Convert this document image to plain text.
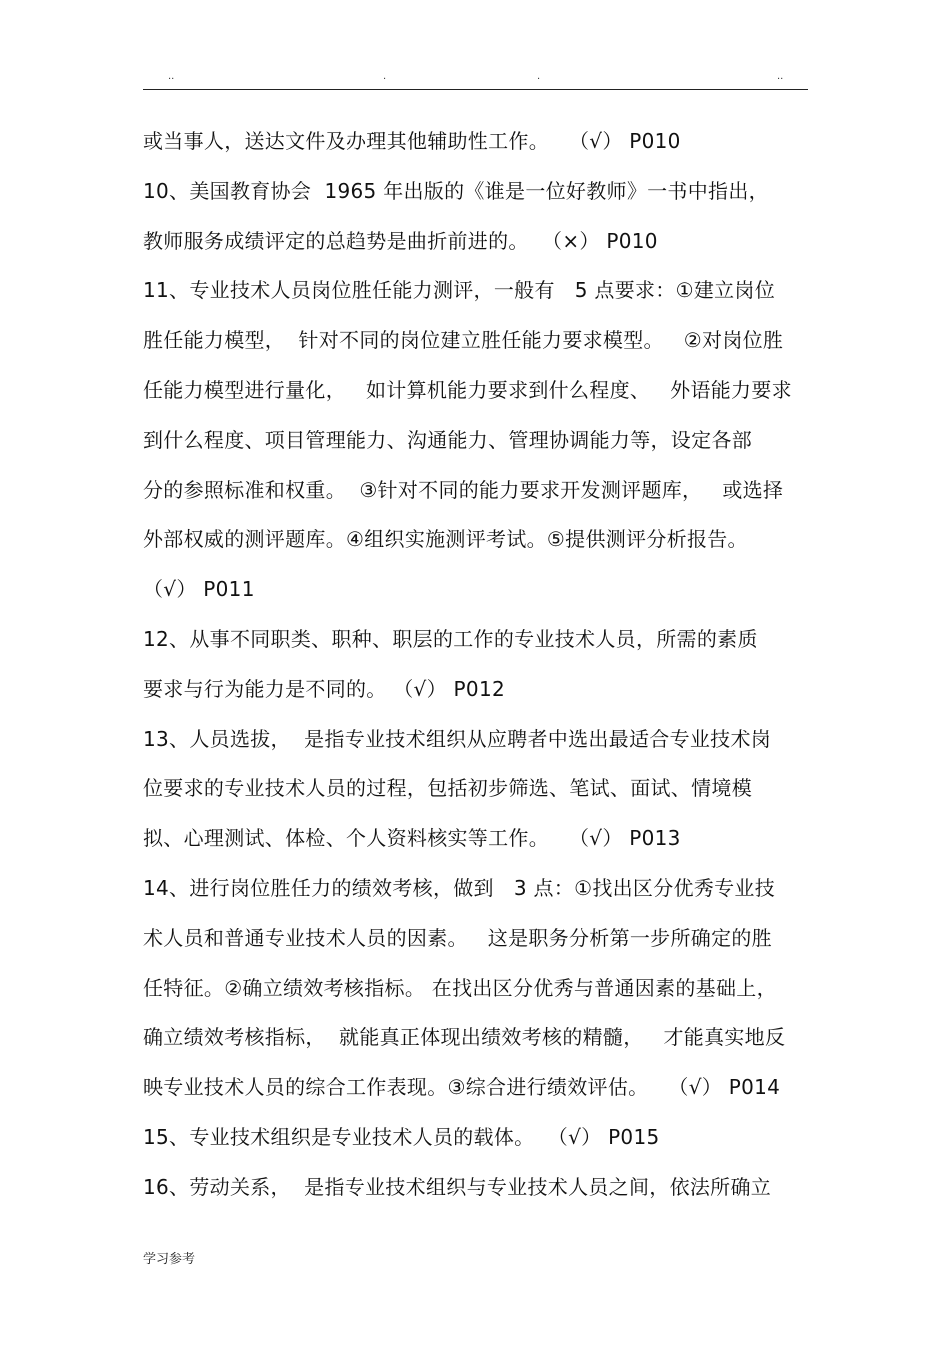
..	.	.	..
或当事人，送达文件及办理其他辅助性工作。   （√） P010
10、美国教育协会  1965 年出版的《谁是一位好教师》一书中指出，
教师服务成绩评定的总趋势是曲折前进的。  （×） P010
11、专业技术人员岗位胜任能力测评，一般有   5 点要求：①建立岗位
胜任能力模型，  针对不同的岗位建立胜任能力要求模型。   ②对岗位胜
任能力模型进行量化，   如计算机能力要求到什么程度、   外语能力要求
到什么程度、项目管理能力、沟通能力、管理协调能力等，设定各部
分的参照标准和权重。  ③针对不同的能力要求开发测评题库，   或选择
外部权威的测评题库。④组织实施测评考试。⑤提供测评分析报告。
（√） P011
12、从事不同职类、职种、职层的工作的专业技术人员，所需的素质
要求与行为能力是不同的。 （√） P012
13、人员选拔，  是指专业技术组织从应聘者中选出最适合专业技术岗
位要求的专业技术人员的过程，包括初步筛选、笔试、面试、情境模
拟、心理测试、体检、个人资料核实等工作。   （√） P013
14、进行岗位胜任力的绩效考核，做到   3 点：①找出区分优秀专业技
术人员和普通专业技术人员的因素。   这是职务分析第一步所确定的胜
任特征。②确立绩效考核指标。 在找出区分优秀与普通因素的基础上，
确立绩效考核指标，  就能真正体现出绩效考核的精髓，   才能真实地反
映专业技术人员的综合工作表现。③综合进行绩效评估。   （√） P014
15、专业技术组织是专业技术人员的载体。  （√） P015
16、劳动关系，  是指专业技术组织与专业技术人员之间，依法所确立
学习参考
